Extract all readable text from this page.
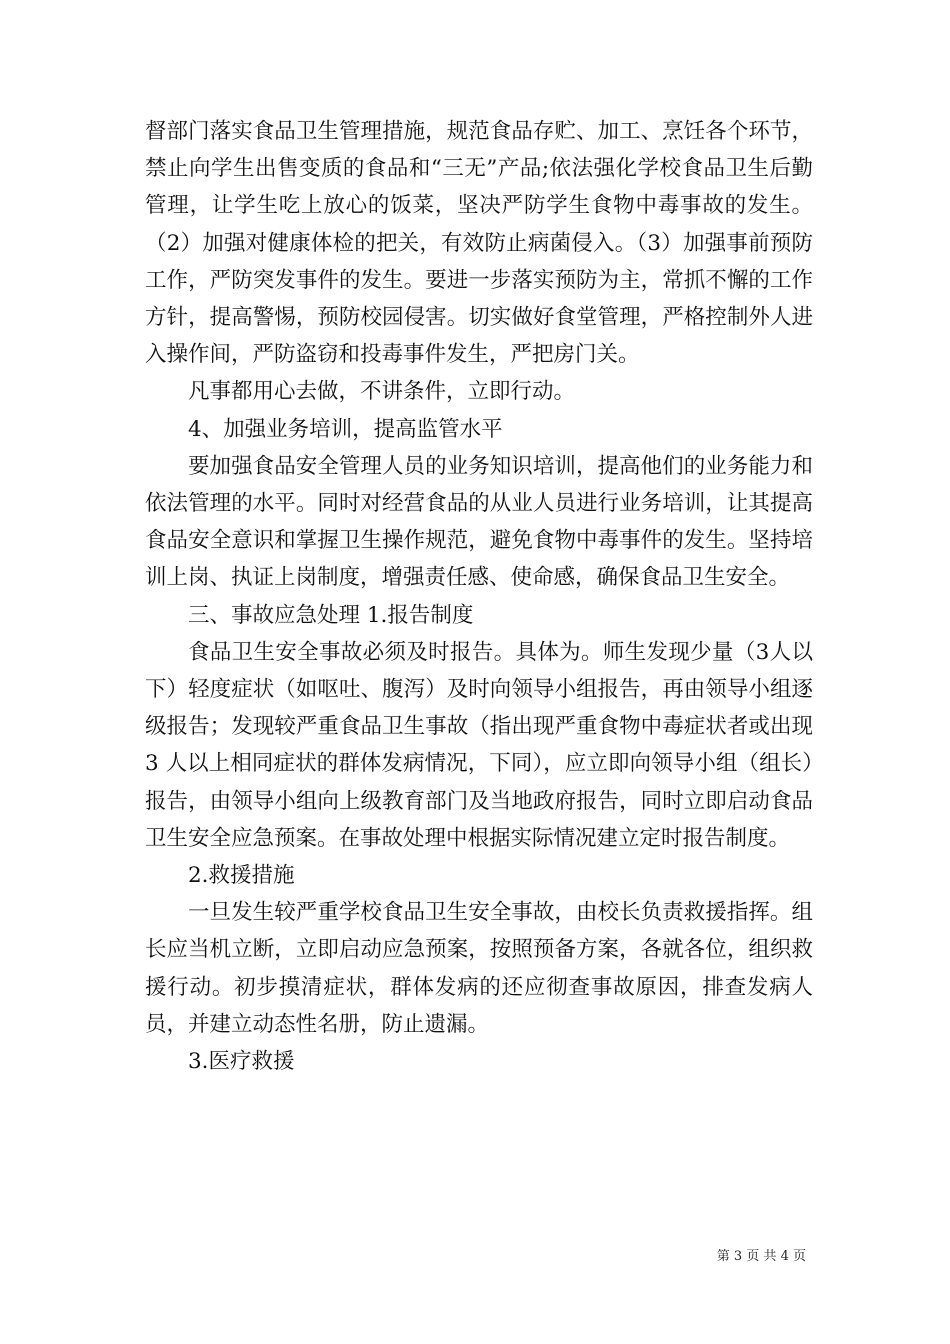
督部门落实食品卫生管理措施，规范食品存贮、加工、烹饪各个环节，禁止向学生出售变质的食品和“三无”产品;依法强化学校食品卫生后勤管理，让学生吃上放心的饭菜，坚决严防学生食物中毒事故的发生。（2）加强对健康体检的把关，有效防止病菌侵入。（3）加强事前预防工作，严防突发事件的发生。要进一步落实预防为主，常抓不懈的工作方针，提高警惕，预防校园侵害。切实做好食堂管理，严格控制外人进入操作间，严防盗窃和投毒事件发生，严把房门关。

凡事都用心去做，不讲条件，立即行动。

4、加强业务培训，提高监管水平

要加强食品安全管理人员的业务知识培训，提高他们的业务能力和依法管理的水平。同时对经营食品的从业人员进行业务培训，让其提高食品安全意识和掌握卫生操作规范，避免食物中毒事件的发生。坚持培训上岗、执证上岗制度，增强责任感、使命感，确保食品卫生安全。

三、事故应急处理 1.报告制度

食品卫生安全事故必须及时报告。具体为。师生发现少量（3人以下）轻度症状（如呕吐、腹泻）及时向领导小组报告，再由领导小组逐级报告；发现较严重食品卫生事故（指出现严重食物中毒症状者或出现 3 人以上相同症状的群体发病情况，下同），应立即向领导小组（组长）报告，由领导小组向上级教育部门及当地政府报告，同时立即启动食品卫生安全应急预案。在事故处理中根据实际情况建立定时报告制度。

2.救援措施

一旦发生较严重学校食品卫生安全事故，由校长负责救援指挥。组长应当机立断，立即启动应急预案，按照预备方案，各就各位，组织救援行动。初步摸清症状，群体发病的还应彻查事故原因，排查发病人员，并建立动态性名册，防止遗漏。

3.医疗救援

第 3 页 共 4 页
